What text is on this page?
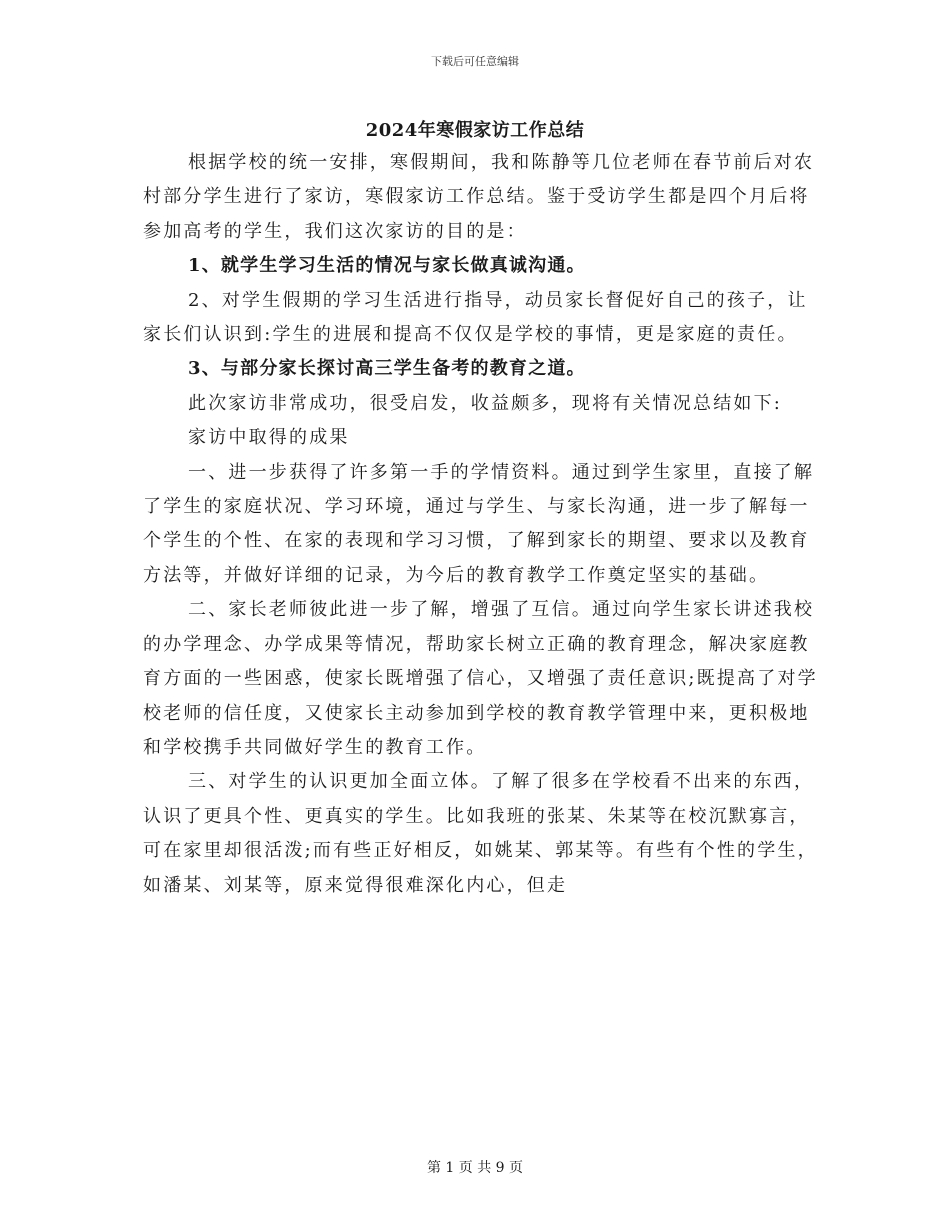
下载后可任意编辑
2024年寒假家访工作总结

根据学校的统一安排，寒假期间，我和陈静等几位老师在春节前后对农村部分学生进行了家访，寒假家访工作总结。鉴于受访学生都是四个月后将参加高考的学生，我们这次家访的目的是：

1、就学生学习生活的情况与家长做真诚沟通。

2、对学生假期的学习生活进行指导，动员家长督促好自己的孩子，让家长们认识到:学生的进展和提高不仅仅是学校的事情，更是家庭的责任。

3、与部分家长探讨高三学生备考的教育之道。

此次家访非常成功，很受启发，收益颇多，现将有关情况总结如下:

家访中取得的成果

一、进一步获得了许多第一手的学情资料。通过到学生家里，直接了解了学生的家庭状况、学习环境，通过与学生、与家长沟通，进一步了解每一个学生的个性、在家的表现和学习习惯，了解到家长的期望、要求以及教育方法等，并做好详细的记录，为今后的教育教学工作奠定坚实的基础。

二、家长老师彼此进一步了解，增强了互信。通过向学生家长讲述我校的办学理念、办学成果等情况，帮助家长树立正确的教育理念，解决家庭教育方面的一些困惑，使家长既增强了信心，又增强了责任意识;既提高了对学校老师的信任度，又使家长主动参加到学校的教育教学管理中来，更积极地和学校携手共同做好学生的教育工作。

三、对学生的认识更加全面立体。了解了很多在学校看不出来的东西，认识了更具个性、更真实的学生。比如我班的张某、朱某等在校沉默寡言，可在家里却很活泼;而有些正好相反，如姚某、郭某等。有些有个性的学生，如潘某、刘某等，原来觉得很难深化内心，但走

第 1 页 共 9 页
